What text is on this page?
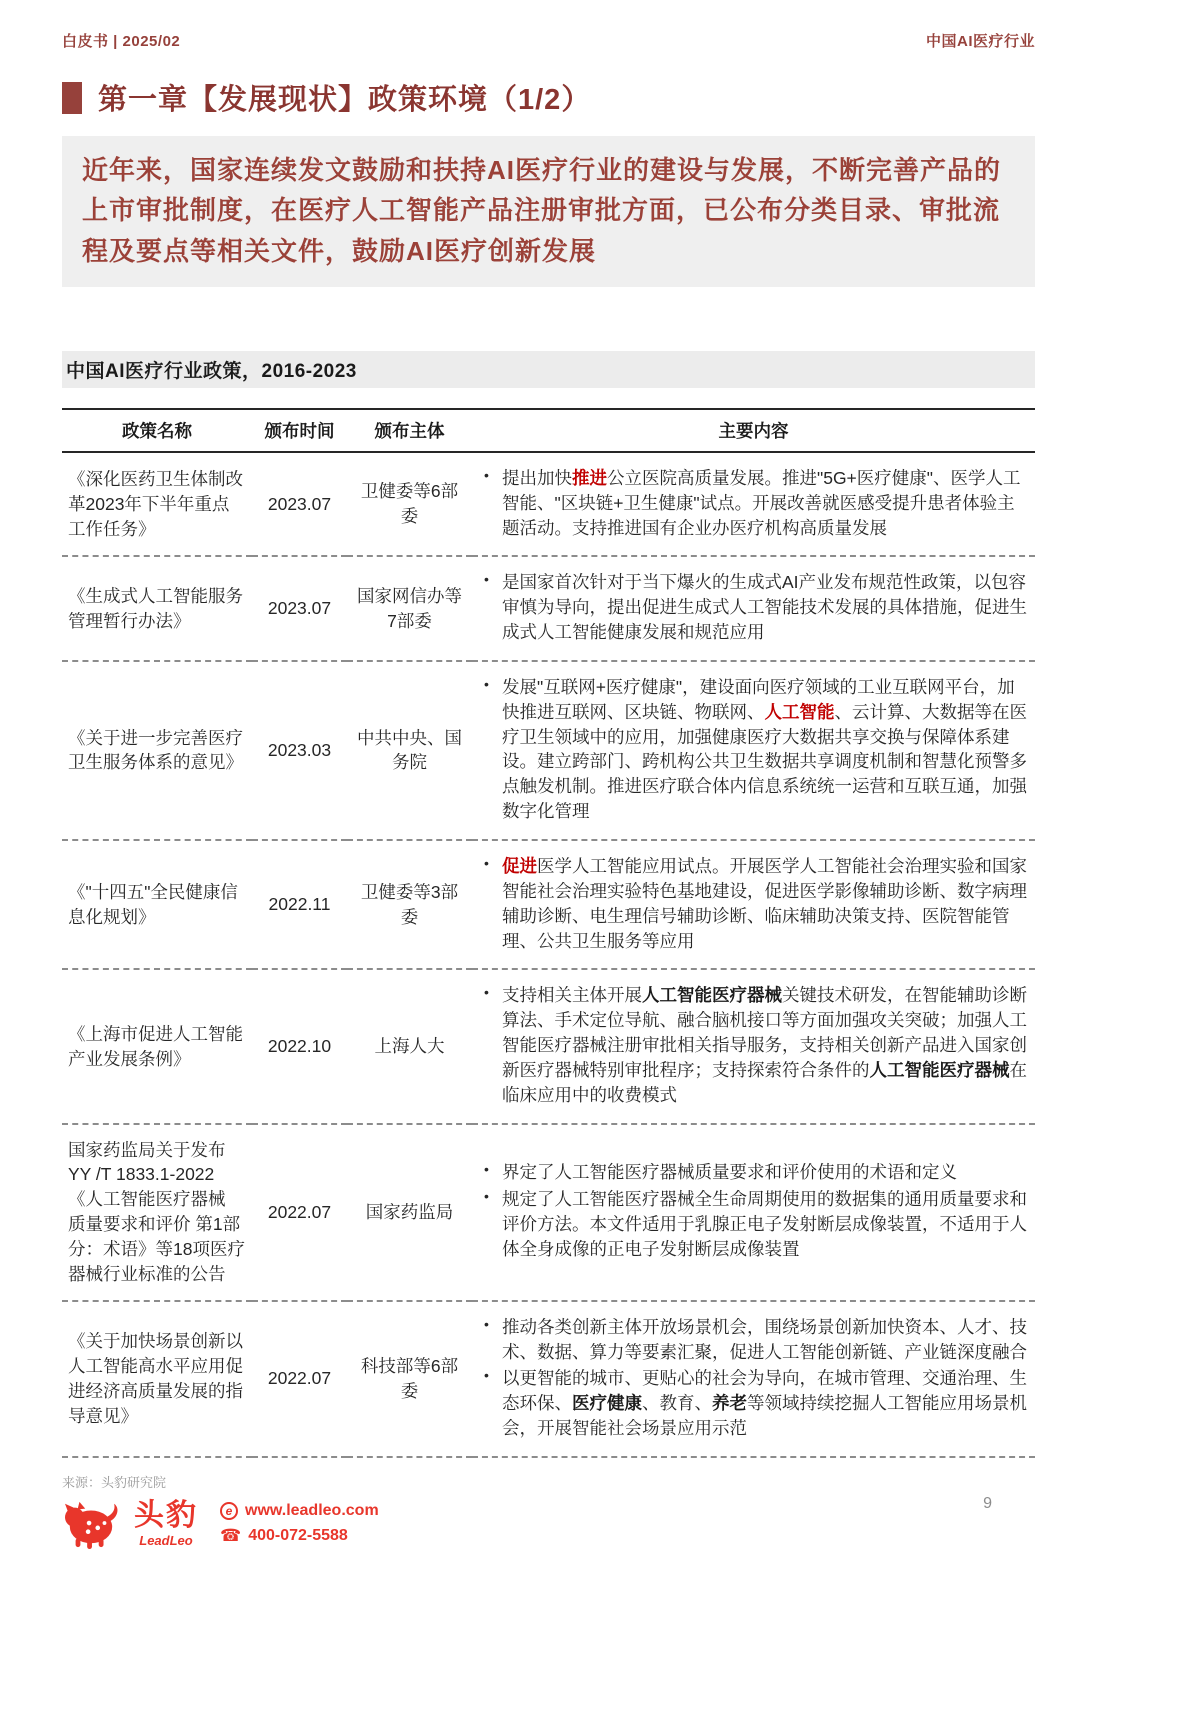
白皮书 | 2025/02	中国AI医疗行业
第一章【发展现状】政策环境（1/2）
近年来，国家连续发文鼓励和扶持AI医疗行业的建设与发展，不断完善产品的上市审批制度，在医疗人工智能产品注册审批方面，已公布分类目录、审批流程及要点等相关文件，鼓励AI医疗创新发展
中国AI医疗行业政策，2016-2023
政策名称	颁布时间	颁布主体	主要内容
《深化医药卫生体制改革2023年下半年重点工作任务》	2023.07	卫健委等6部委	• 提出加快推进公立医院高质量发展。推进"5G+医疗健康"、医学人工智能、"区块链+卫生健康"试点。开展改善就医感受提升患者体验主题活动。支持推进国有企业办医疗机构高质量发展

《生成式人工智能服务管理暂行办法》	2023.07	国家网信办等7部委	• 是国家首次针对于当下爆火的生成式AI产业发布规范性政策，以包容审慎为导向，提出促进生成式人工智能技术发展的具体措施，促进生成式人工智能健康发展和规范应用

《关于进一步完善医疗卫生服务体系的意见》	2023.03	中共中央、国务院	• 发展"互联网+医疗健康"，建设面向医疗领域的工业互联网平台，加快推进互联网、区块链、物联网、人工智能、云计算、大数据等在医疗卫生领域中的应用，加强健康医疗大数据共享交换与保障体系建设。建立跨部门、跨机构公共卫生数据共享调度机制和智慧化预警多点触发机制。推进医疗联合体内信息系统统一运营和互联互通，加强数字化管理

《"十四五"全民健康信息化规划》	2022.11	卫健委等3部委	• 促进医学人工智能应用试点。开展医学人工智能社会治理实验和国家智能社会治理实验特色基地建设，促进医学影像辅助诊断、数字病理辅助诊断、电生理信号辅助诊断、临床辅助决策支持、医院智能管理、公共卫生服务等应用

《上海市促进人工智能产业发展条例》	2022.10	上海人大	• 支持相关主体开展人工智能医疗器械关键技术研发，在智能辅助诊断算法、手术定位导航、融合脑机接口等方面加强攻关突破；加强人工智能医疗器械注册审批相关指导服务，支持相关创新产品进入国家创新医疗器械特别审批程序；支持探索符合条件的人工智能医疗器械在临床应用中的收费模式

国家药监局关于发布YY /T 1833.1-2022《人工智能医疗器械 质量要求和评价 第1部分：术语》等18项医疗器械行业标准的公告	2022.07	国家药监局	• 界定了人工智能医疗器械质量要求和评价使用的术语和定义
• 规定了人工智能医疗器械全生命周期使用的数据集的通用质量要求和评价方法。本文件适用于乳腺正电子发射断层成像装置，不适用于人体全身成像的正电子发射断层成像装置

《关于加快场景创新以人工智能高水平应用促进经济高质量发展的指导意见》	2022.07	科技部等6部委	• 推动各类创新主体开放场景机会，围绕场景创新加快资本、人才、技术、数据、算力等要素汇聚，促进人工智能创新链、产业链深度融合
• 以更智能的城市、更贴心的社会为导向，在城市管理、交通治理、生态环保、医疗健康、教育、养老等领域持续挖掘人工智能应用场景机会，开展智能社会场景应用示范
来源：头豹研究院
头豹
LeadLeo
e www.leadleo.com
☎ 400-072-5588
9
